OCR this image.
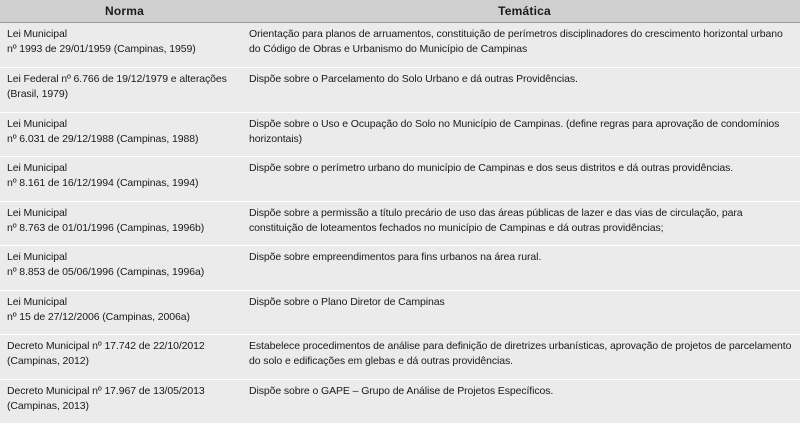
Norma	Temática
Lei Municipal
nº 1993 de 29/01/1959 (Campinas, 1959)	Orientação para planos de arruamentos, constituição de perímetros disciplinadores do crescimento horizontal urbano do Código de Obras e Urbanismo do Município de Campinas
Lei Federal nº 6.766 de 19/12/1979 e alterações (Brasil, 1979)	Dispõe sobre o Parcelamento do Solo Urbano e dá outras Providências.
Lei Municipal
nº 6.031 de 29/12/1988 (Campinas, 1988)	Dispõe sobre o Uso e Ocupação do Solo no Município de Campinas. (define regras para aprovação de condomínios horizontais)
Lei Municipal
nº 8.161 de 16/12/1994 (Campinas, 1994)	Dispõe sobre o perímetro urbano do município de Campinas e dos seus distritos e dá outras providências.
Lei Municipal
nº 8.763 de 01/01/1996 (Campinas, 1996b)	Dispõe sobre a permissão a título precário de uso das áreas públicas de lazer e das vias de circulação, para constituição de loteamentos fechados no município de Campinas e dá outras providências;
Lei Municipal
nº 8.853 de 05/06/1996 (Campinas, 1996a)	Dispõe sobre empreendimentos para fins urbanos na área rural.
Lei Municipal
nº 15 de 27/12/2006 (Campinas, 2006a)	Dispõe sobre o Plano Diretor de Campinas
Decreto Municipal nº 17.742 de 22/10/2012 (Campinas, 2012)	Estabelece procedimentos de análise para definição de diretrizes urbanísticas, aprovação de projetos de parcelamento do solo e edificações em glebas e dá outras providências.
Decreto Municipal nº 17.967 de 13/05/2013 (Campinas, 2013)	Dispõe sobre o GAPE – Grupo de Análise de Projetos Específicos.
